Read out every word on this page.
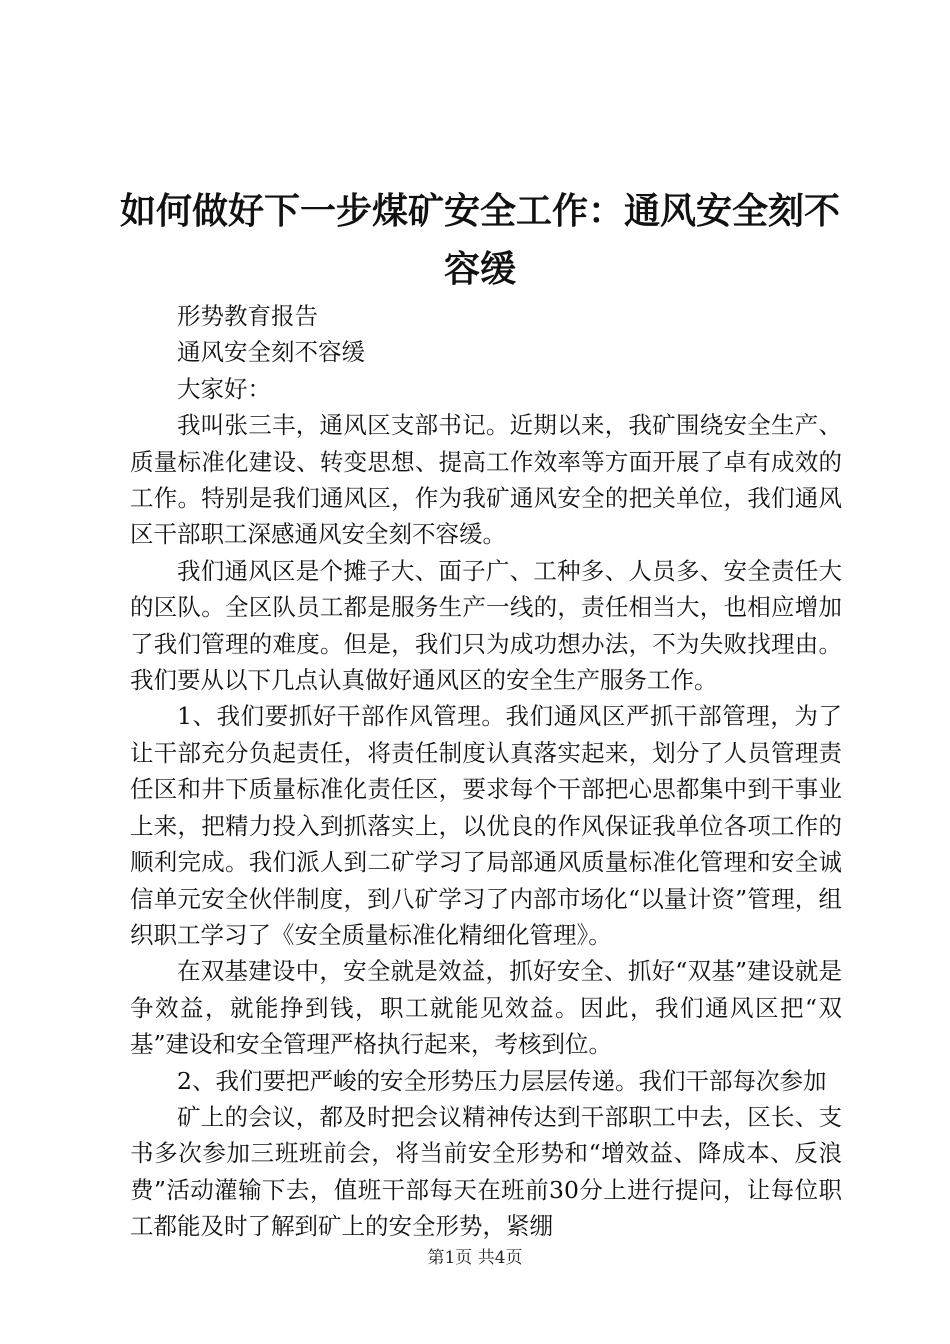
如何做好下一步煤矿安全工作：通风安全刻不容缓

形势教育报告

通风安全刻不容缓

大家好：

我叫张三丰，通风区支部书记。近期以来，我矿围绕安全生产、质量标准化建设、转变思想、提高工作效率等方面开展了卓有成效的工作。特别是我们通风区，作为我矿通风安全的把关单位，我们通风区干部职工深感通风安全刻不容缓。

我们通风区是个摊子大、面子广、工种多、人员多、安全责任大的区队。全区队员工都是服务生产一线的，责任相当大，也相应增加了我们管理的难度。但是，我们只为成功想办法，不为失败找理由。我们要从以下几点认真做好通风区的安全生产服务工作。

1、我们要抓好干部作风管理。我们通风区严抓干部管理，为了让干部充分负起责任，将责任制度认真落实起来，划分了人员管理责任区和井下质量标准化责任区，要求每个干部把心思都集中到干事业上来，把精力投入到抓落实上，以优良的作风保证我单位各项工作的顺利完成。我们派人到二矿学习了局部通风质量标准化管理和安全诚信单元安全伙伴制度，到八矿学习了内部市场化“以量计资”管理，组织职工学习了《安全质量标准化精细化管理》。

在双基建设中，安全就是效益，抓好安全、抓好“双基”建设就是争效益，就能挣到钱，职工就能见效益。因此，我们通风区把“双基”建设和安全管理严格执行起来，考核到位。

2、我们要把严峻的安全形势压力层层传递。我们干部每次参加

矿上的会议，都及时把会议精神传达到干部职工中去，区长、支书多次参加三班班前会，将当前安全形势和“增效益、降成本、反浪费”活动灌输下去，值班干部每天在班前30分上进行提问，让每位职工都能及时了解到矿上的安全形势，紧绷

第1页 共4页
